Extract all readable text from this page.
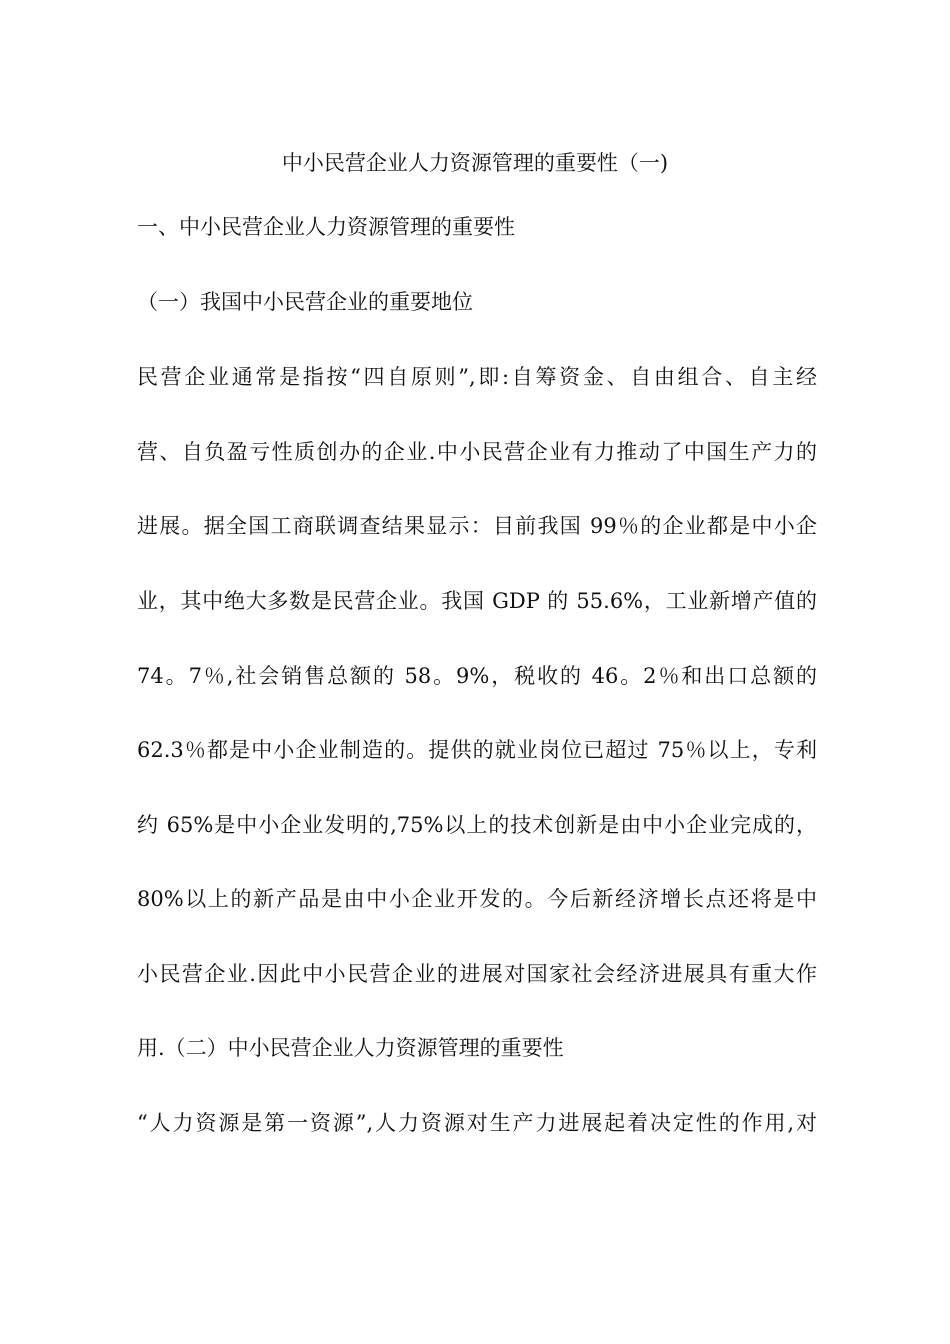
中小民营企业人力资源管理的重要性（一)
一、中小民营企业人力资源管理的重要性
（一）我国中小民营企业的重要地位
民营企业通常是指按“四自原则”,即:自筹资金、自由组合、自主经
营、自负盈亏性质创办的企业.中小民营企业有力推动了中国生产力的
进展。据全国工商联调查结果显示：目前我国 99％的企业都是中小企
业，其中绝大多数是民营企业。我国 GDP 的 55.6%，工业新增产值的
74。7％,社会销售总额的 58。9%，税收的 46。2％和出口总额的
62.3％都是中小企业制造的。提供的就业岗位已超过 75％以上，专利
约 65%是中小企业发明的,75%以上的技术创新是由中小企业完成的，
80%以上的新产品是由中小企业开发的。今后新经济增长点还将是中
小民营企业.因此中小民营企业的进展对国家社会经济进展具有重大作
用.（二）中小民营企业人力资源管理的重要性
“人力资源是第一资源”,人力资源对生产力进展起着决定性的作用,对
